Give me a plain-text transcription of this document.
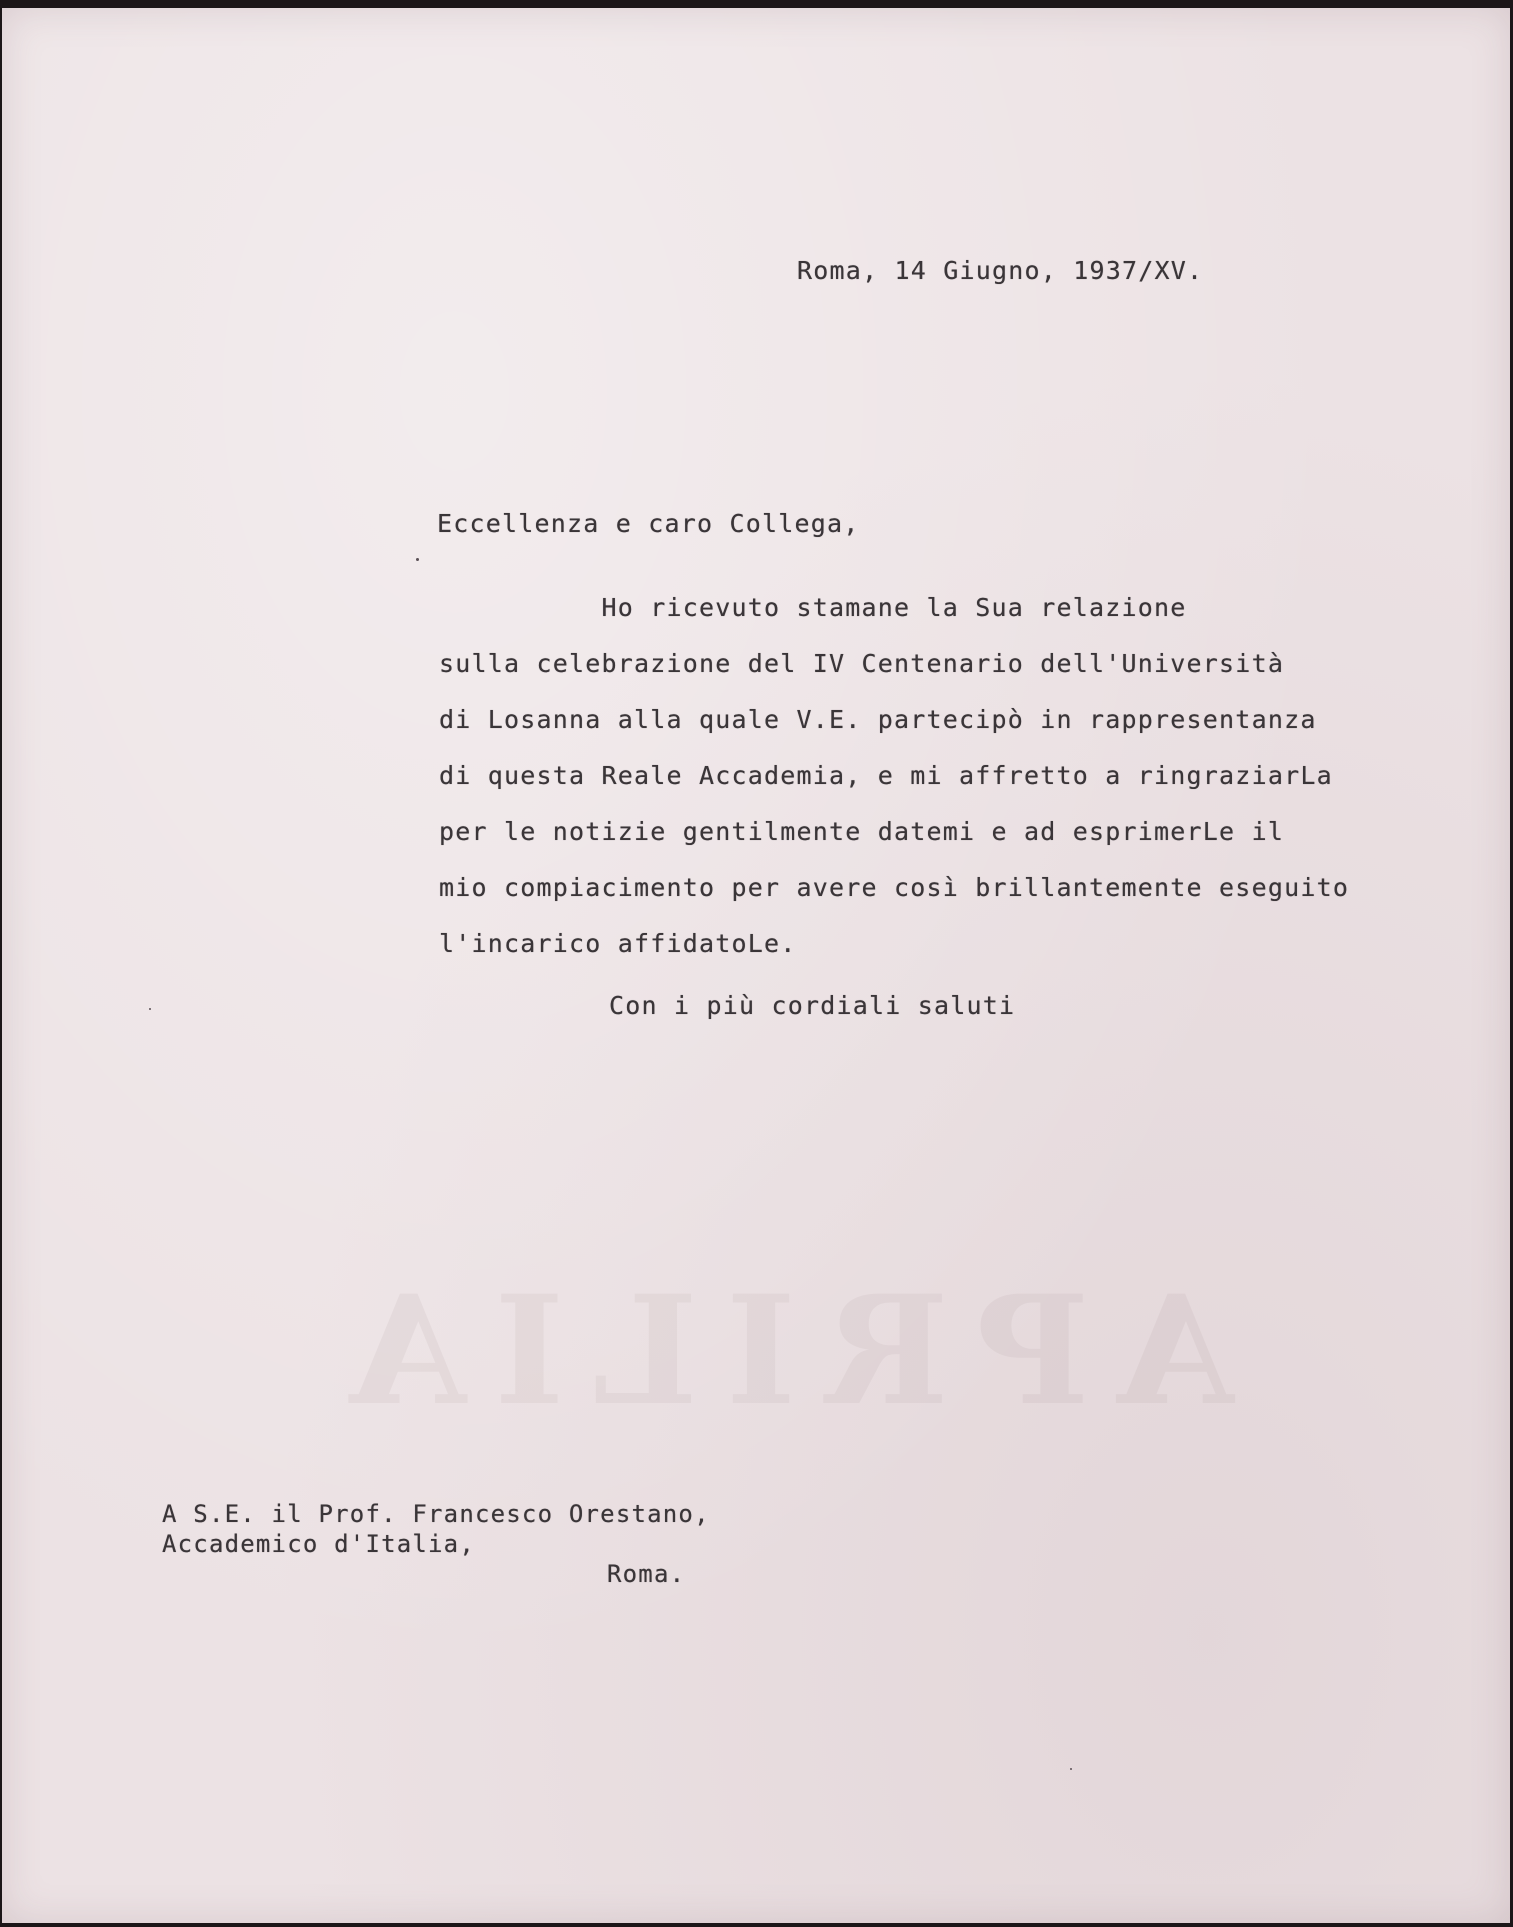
APRILIA

Roma, 14 Giugno, 1937/XV.

Eccellenza e caro Collega,

Ho ricevuto stamane la Sua relazione

sulla celebrazione del IV Centenario dell'Università

di Losanna alla quale V.E. partecipò in rappresentanza

di questa Reale Accademia, e mi affretto a ringraziarLa

per le notizie gentilmente datemi e ad esprimerLe il

mio compiacimento per avere così brillantemente eseguito

l'incarico affidatoLe.

Con i più cordiali saluti

A S.E. il Prof. Francesco Orestano,

Accademico d'Italia,

Roma.
